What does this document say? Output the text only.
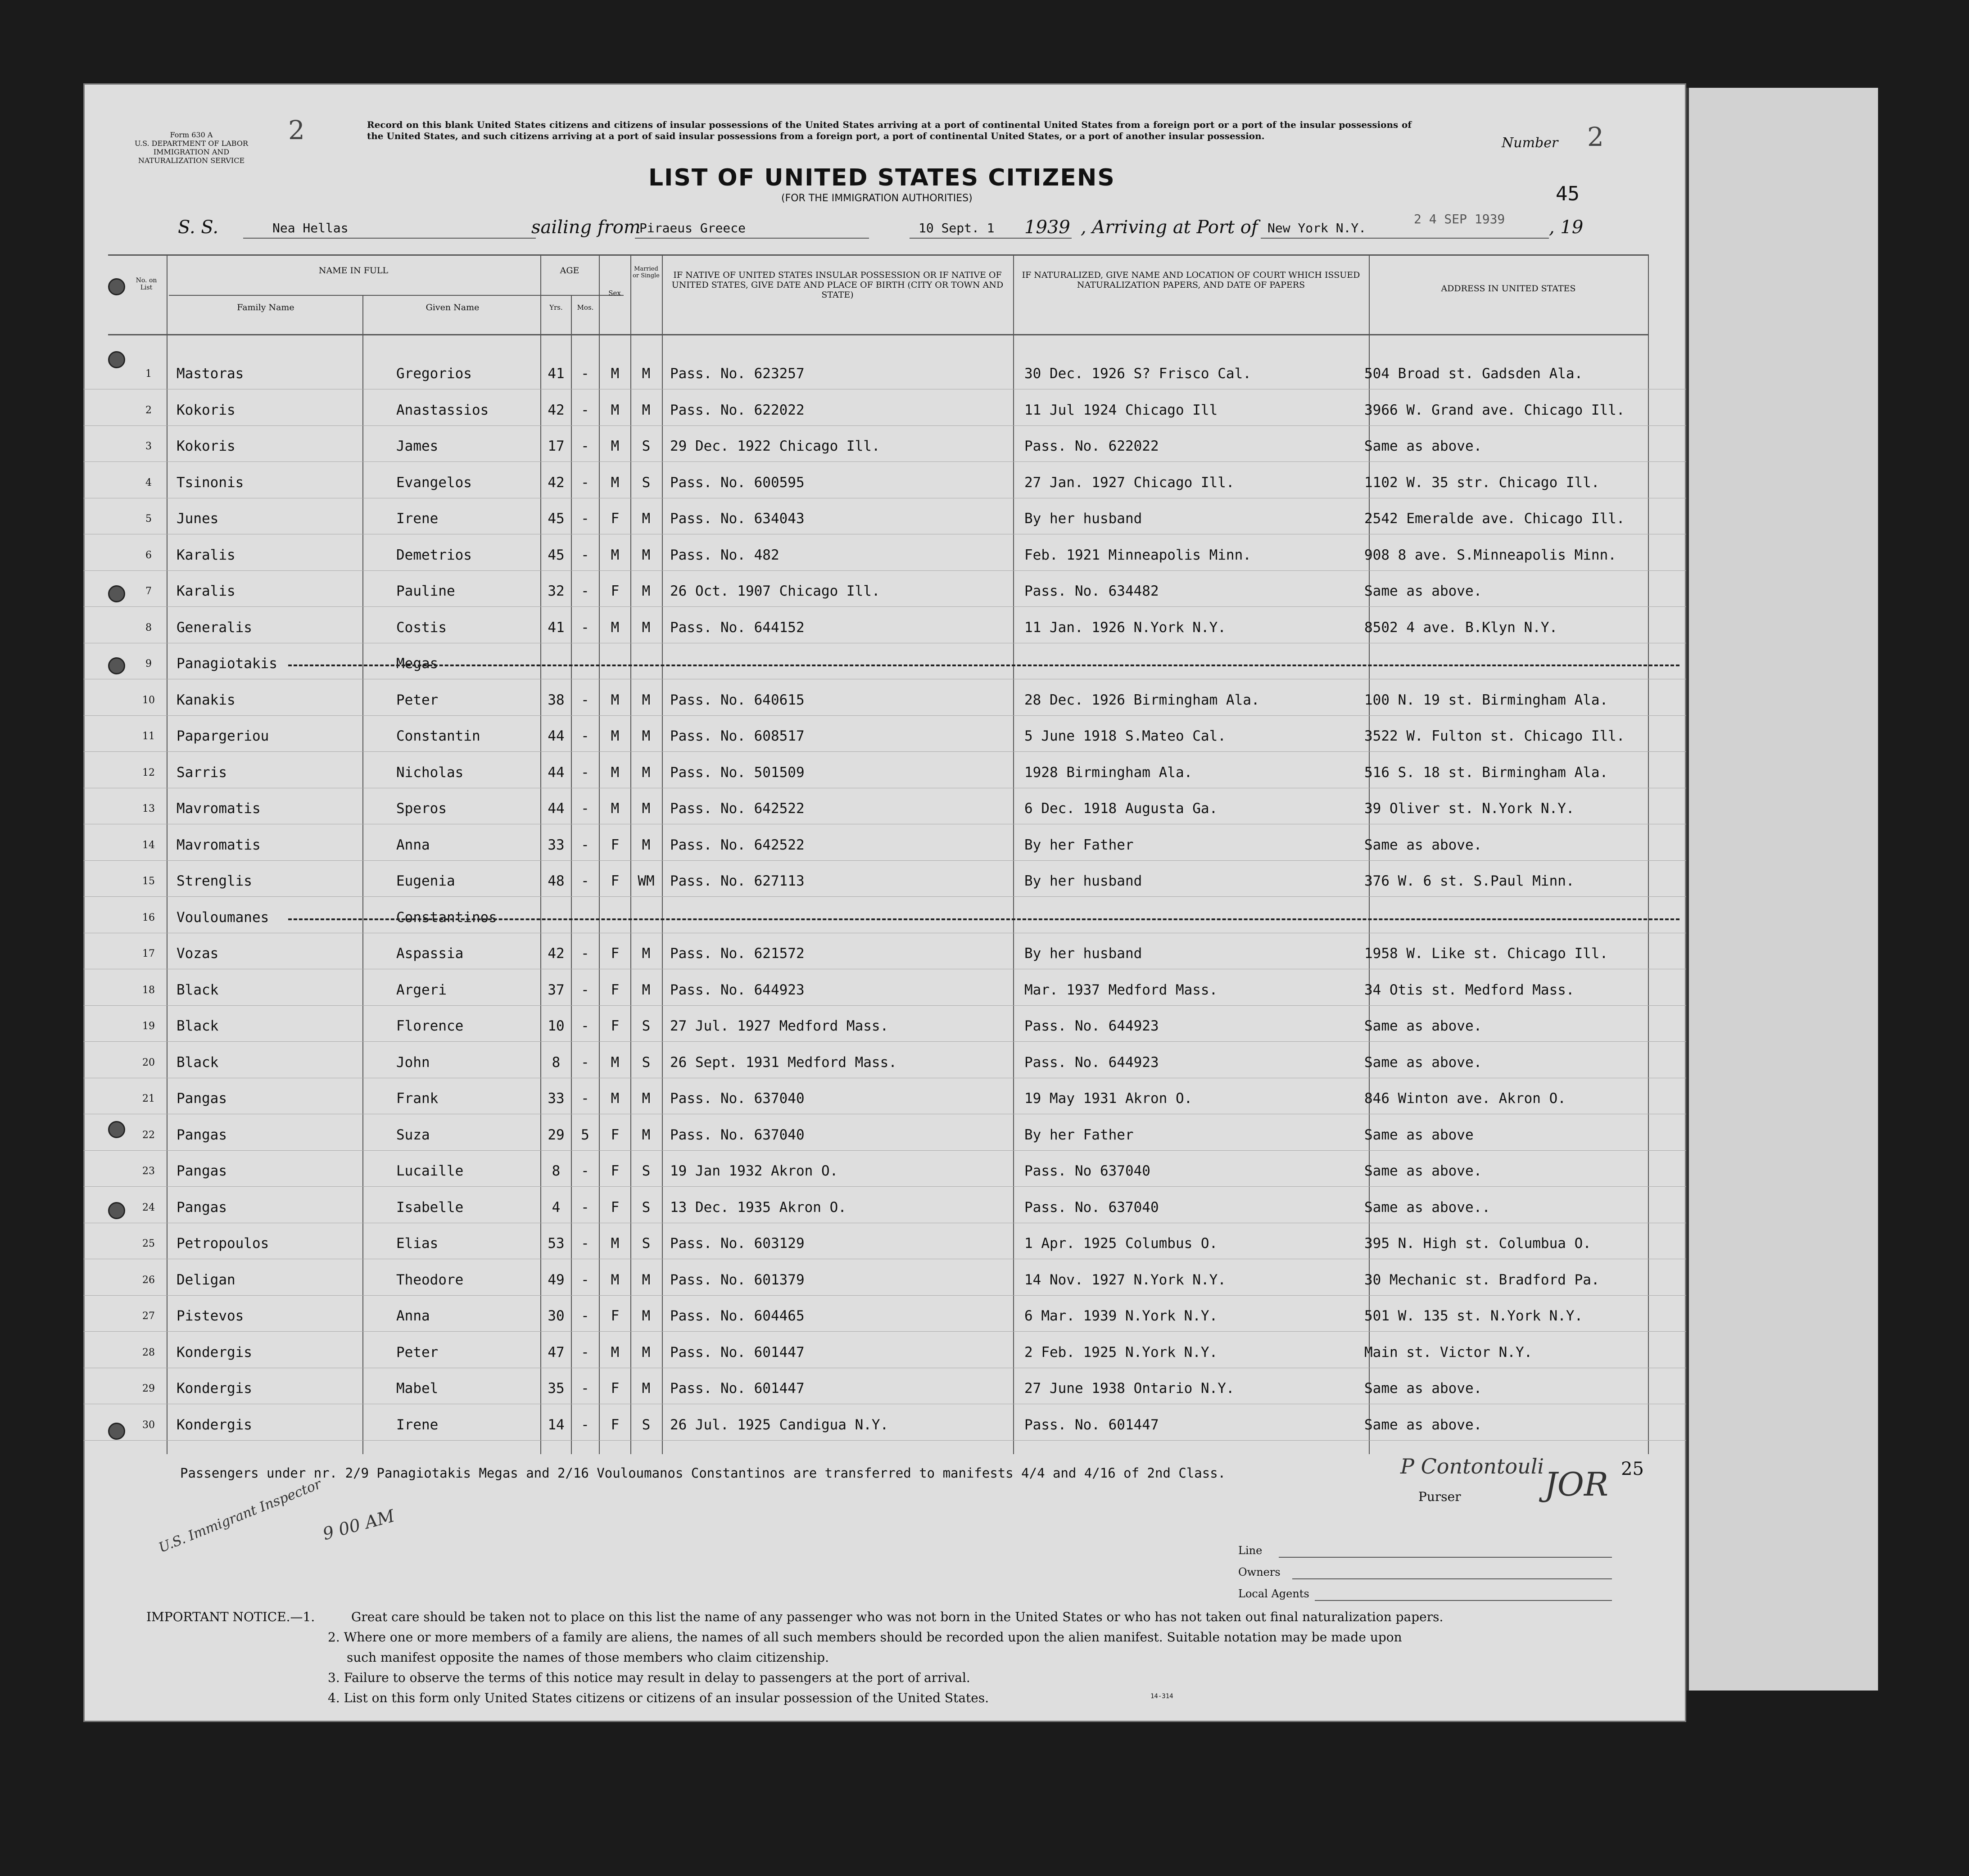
Form 630 A
U.S. DEPARTMENT OF LABOR
IMMIGRATION AND NATURALIZATION SERVICE
2	Record on this blank United States citizens and citizens of insular possessions of the United States arriving at a port of continental United States from a foreign port or a port of the insular possessions of the United States, and such citizens arriving at a port of said insular possessions from a foreign port, a port of continental United States, or a port of another insular possession.	Number 2
LIST OF UNITED STATES CITIZENS
(FOR THE IMMIGRATION AUTHORITIES)	45
S. S.	Nea Hellas	sailing from
Piraeus Greece	10 Sept. 1 1939 , Arriving at Port of New York N.Y.
2 4 SEP 1939 , 19
No. on List
NAME IN FULL
Family Name	Given Name
AGE
Yrs.	Mos.
Sex
Married or Single	IF NATIVE OF UNITED STATES INSULAR POSSESSION OR IF NATIVE OF UNITED STATES, GIVE DATE AND PLACE OF BIRTH (CITY OR TOWN AND STATE)
IF NATURALIZED, GIVE NAME AND LOCATION OF COURT WHICH ISSUED NATURALIZATION PAPERS, AND DATE OF PAPERS	ADDRESS IN UNITED STATES
1	Mastoras	Gregorios	41	-	M	M	Pass. No. 623257	30 Dec. 1926 S? Frisco Cal.	504 Broad st. Gadsden Ala.
2	Kokoris	Anastassios	42	-	M	M	Pass. No. 622022	11 Jul 1924 Chicago Ill	3966 W. Grand ave. Chicago Ill.
3	Kokoris	James	17	-	M	S	29 Dec. 1922 Chicago Ill.	Pass. No. 622022	Same as above.
4	Tsinonis	Evangelos	42	-	M	S	Pass. No. 600595	27 Jan. 1927 Chicago Ill.	1102 W. 35 str. Chicago Ill.
5	Junes	Irene	45	-	F	M	Pass. No. 634043	By her husband	2542 Emeralde ave. Chicago Ill.
6	Karalis	Demetrios	45	-	M	M	Pass. No. 482	Feb. 1921 Minneapolis Minn.	908 8 ave. S.Minneapolis Minn.
7	Karalis	Pauline	32	-	F	M	26 Oct. 1907 Chicago Ill.	Pass. No. 634482	Same as above.
8	Generalis	Costis	41	-	M	M	Pass. No. 644152	11 Jan. 1926 N.York N.Y.	8502 4 ave. B.Klyn N.Y.
9	Panagiotakis	Megas
10	Kanakis	Peter	38	-	M	M	Pass. No. 640615	28 Dec. 1926 Birmingham Ala.	100 N. 19 st. Birmingham Ala.
11	Papargeriou	Constantin	44	-	M	M	Pass. No. 608517	5 June 1918 S.Mateo Cal.	3522 W. Fulton st. Chicago Ill.
12	Sarris	Nicholas	44	-	M	M	Pass. No. 501509	1928 Birmingham Ala.	516 S. 18 st. Birmingham Ala.
13	Mavromatis	Speros	44	-	M	M	Pass. No. 642522	6 Dec. 1918 Augusta Ga.	39 Oliver st. N.York N.Y.
14	Mavromatis	Anna	33	-	F	M	Pass. No. 642522	By her Father	Same as above.
15	Strenglis	Eugenia	48	-	F	WM	Pass. No. 627113	By her husband	376 W. 6 st. S.Paul Minn.
16	Vouloumanes	Constantinos
17	Vozas	Aspassia	42	-	F	M	Pass. No. 621572	By her husband	1958 W. Like st. Chicago Ill.
18	Black	Argeri	37	-	F	M	Pass. No. 644923	Mar. 1937 Medford Mass.	34 Otis st. Medford Mass.
19	Black	Florence	10	-	F	S	27 Jul. 1927 Medford Mass.	Pass. No. 644923	Same as above.
20	Black	John	8	-	M	S	26 Sept. 1931 Medford Mass.	Pass. No. 644923	Same as above.
21	Pangas	Frank	33	-	M	M	Pass. No. 637040	19 May 1931 Akron O.	846 Winton ave. Akron O.
22	Pangas	Suza	29	5	F	M	Pass. No. 637040	By her Father	Same as above
23	Pangas	Lucaille	8	-	F	S	19 Jan 1932 Akron O.	Pass. No 637040	Same as above.
24	Pangas	Isabelle	4	-	F	S	13 Dec. 1935 Akron O.	Pass. No. 637040	Same as above..
25	Petropoulos	Elias	53	-	M	S	Pass. No. 603129	1 Apr. 1925 Columbus O.	395 N. High st. Columbua O.
26	Deligan	Theodore	49	-	M	M	Pass. No. 601379	14 Nov. 1927 N.York N.Y.	30 Mechanic st. Bradford Pa.
27	Pistevos	Anna	30	-	F	M	Pass. No. 604465	6 Mar. 1939 N.York N.Y.	501 W. 135 st. N.York N.Y.
28	Kondergis	Peter	47	-	M	M	Pass. No. 601447	2 Feb. 1925 N.York N.Y.	Main st. Victor N.Y.
29	Kondergis	Mabel	35	-	F	M	Pass. No. 601447	27 June 1938 Ontario N.Y.	Same as above.
30	Kondergis	Irene	14	-	F	S	26 Jul. 1925 Candigua N.Y.	Pass. No. 601447	Same as above.
Passengers under nr. 2/9 Panagiotakis Megas and 2/16 Vouloumanos Constantinos are transferred to manifests 4/4 and 4/16 of 2nd Class.
U.S. Immigrant Inspector
9 00 AM
P Contontouli
Purser	JOR 25
Line
Owners
Local Agents
IMPORTANT NOTICE.—1.	Great care should be taken not to place on this list the name of any passenger who was not born in the United States or who has not taken out final naturalization papers.
2. Where one or more members of a family are aliens, the names of all such members should be recorded upon the alien manifest. Suitable notation may be made upon
such manifest opposite the names of those members who claim citizenship.
3. Failure to observe the terms of this notice may result in delay to passengers at the port of arrival.
4. List on this form only United States citizens or citizens of an insular possession of the United States.	14-314
